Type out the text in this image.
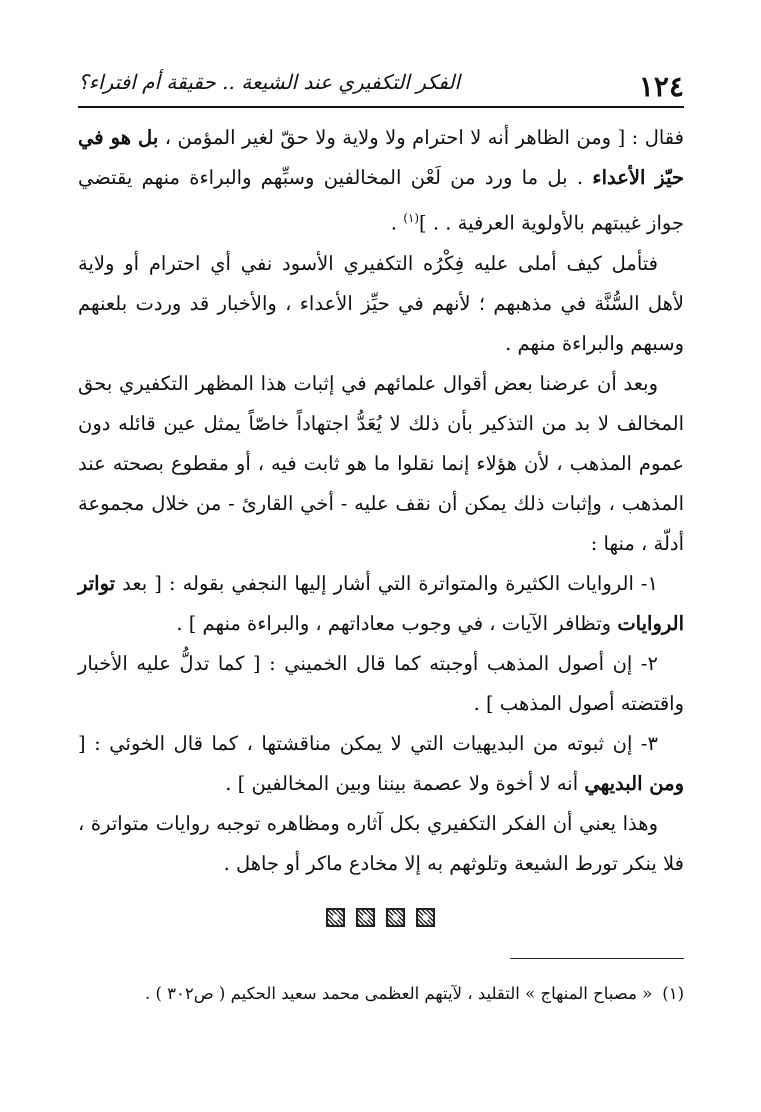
١٢٤
الفكر التكفيري عند الشيعة .. حقيقة أم افتراء؟

فقال : [ ومن الظاهر أنه لا احترام ولا ولاية ولا حقّ لغير المؤمن ، بل هو في حيّز الأعداء . بل ما ورد من لَعْن المخالفين وسبِّهم والبراءة منهم يقتضي جواز غيبتهم بالأولوية العرفية . . ]$^{(١)}$ .

فتأمل كيف أملى عليه فِكْرُه التكفيري الأسود نفي أي احترام أو ولاية لأهل السُّنَّة في مذهبهم ؛ لأنهم في حيِّز الأعداء ، والأخبار قد وردت بلعنهم وسبهم والبراءة منهم .

وبعد أن عرضنا بعض أقوال علمائهم في إثبات هذا المظهر التكفيري بحق المخالف لا بد من التذكير بأن ذلك لا يُعَدُّ اجتهاداً خاصّاً يمثل عين قائله دون عموم المذهب ، لأن هؤلاء إنما نقلوا ما هو ثابت فيه ، أو مقطوع بصحته عند المذهب ، وإثبات ذلك يمكن أن نقف عليه - أخي القارئ - من خلال مجموعة أدلّة ، منها :

١- الروايات الكثيرة والمتواترة التي أشار إليها النجفي بقوله : [ بعد تواتر الروايات وتظافر الآيات ، في وجوب معاداتهم ، والبراءة منهم ] .

٢- إن أصول المذهب أوجبته كما قال الخميني : [ كما تدلُّ عليه الأخبار واقتضته أصول المذهب ] .

٣- إن ثبوته من البديهيات التي لا يمكن مناقشتها ، كما قال الخوئي : [ ومن البديهي أنه لا أخوة ولا عصمة بيننا وبين المخالفين ] .

وهذا يعني أن الفكر التكفيري بكل آثاره ومظاهره توجبه روايات متواترة ، فلا ينكر تورط الشيعة وتلوثهم به إلا مخادع ماكر أو جاهل .

(١)« مصباح المنهاج » التقليد ، لآيتهم العظمى محمد سعيد الحكيم ( ص٣٠٢ ) .
